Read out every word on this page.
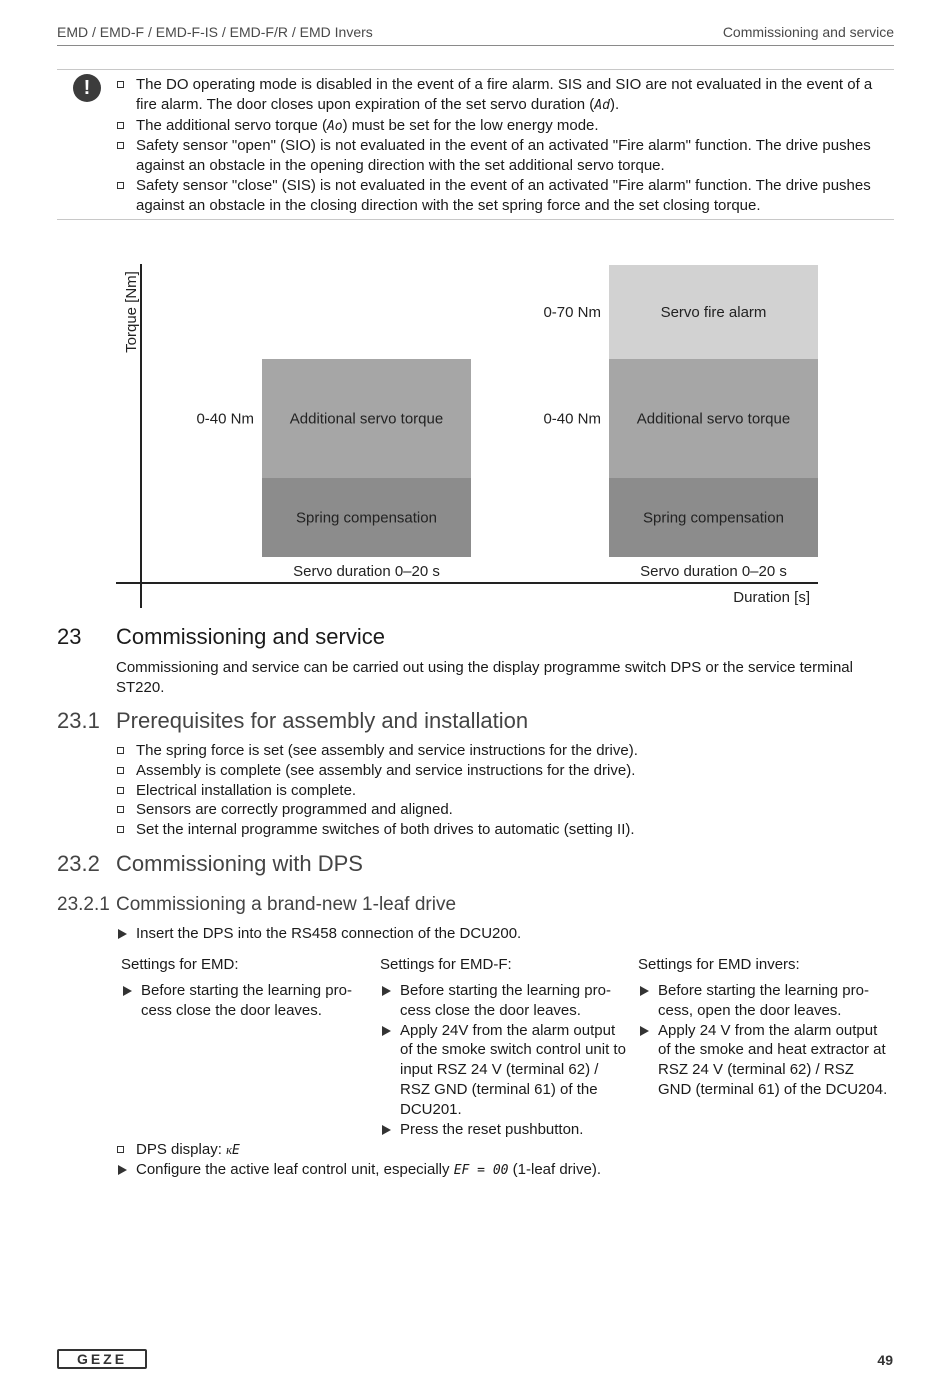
EMD / EMD-F / EMD-F-IS / EMD-F/R / EMD Invers	Commissioning and service
!	The DO operating mode is disabled in the event of a fire alarm. SIS and SIO are not evaluated in the event of a fire alarm. The door closes upon expiration of the set servo duration (Ad).
The additional servo torque (Ao) must be set for the low energy mode.
Safety sensor "open" (SIO) is not evaluated in the event of an activated "Fire alarm" function. The drive pushes against an obstacle in the opening direction with the set additional servo torque.
Safety sensor "close" (SIS) is not evaluated in the event of an activated "Fire alarm" function. The drive pushes against an obstacle in the closing direction with the set spring force and the set closing torque.
Torque [Nm]
Duration [s]
Spring compensation
Additional servo torque
0-40 Nm
Servo duration 0–20 s
Spring compensation
Additional servo torque
0-40 Nm
Servo fire alarm
0-70 Nm
Servo duration 0–20 s
23 Commissioning and service
Commissioning and service can be carried out using the display programme switch DPS or the service terminal ST220.
23.1 Prerequisites for assembly and installation
The spring force is set (see assembly and service instructions for the drive).
Assembly is complete (see assembly and service instructions for the drive).
Electrical installation is complete.
Sensors are correctly programmed and aligned.
Set the internal programme switches of both drives to automatic (setting II).
23.2 Commissioning with DPS
23.2.1 Commissioning a brand-new 1-leaf drive
Insert the DPS into the RS458 connection of the DCU200.
Settings for EMD:
Before starting the learning pro- cess close the door leaves.
Settings for EMD-F:
Before starting the learning pro- cess close the door leaves.
Apply 24V from the alarm output of the smoke switch control unit to input RSZ 24 V (terminal 62) / RSZ GND (terminal 61) of the DCU201.
Press the reset pushbutton.
Settings for EMD invers:
Before starting the learning pro- cess, open the door leaves.
Apply 24 V from the alarm output of the smoke and heat extractor at RSZ 24 V (terminal 62) / RSZ GND (terminal 61) of the DCU204.
DPS display: ᴋE
Configure the active leaf control unit, especially EF = 00 (1-leaf drive).
GEZE	49
